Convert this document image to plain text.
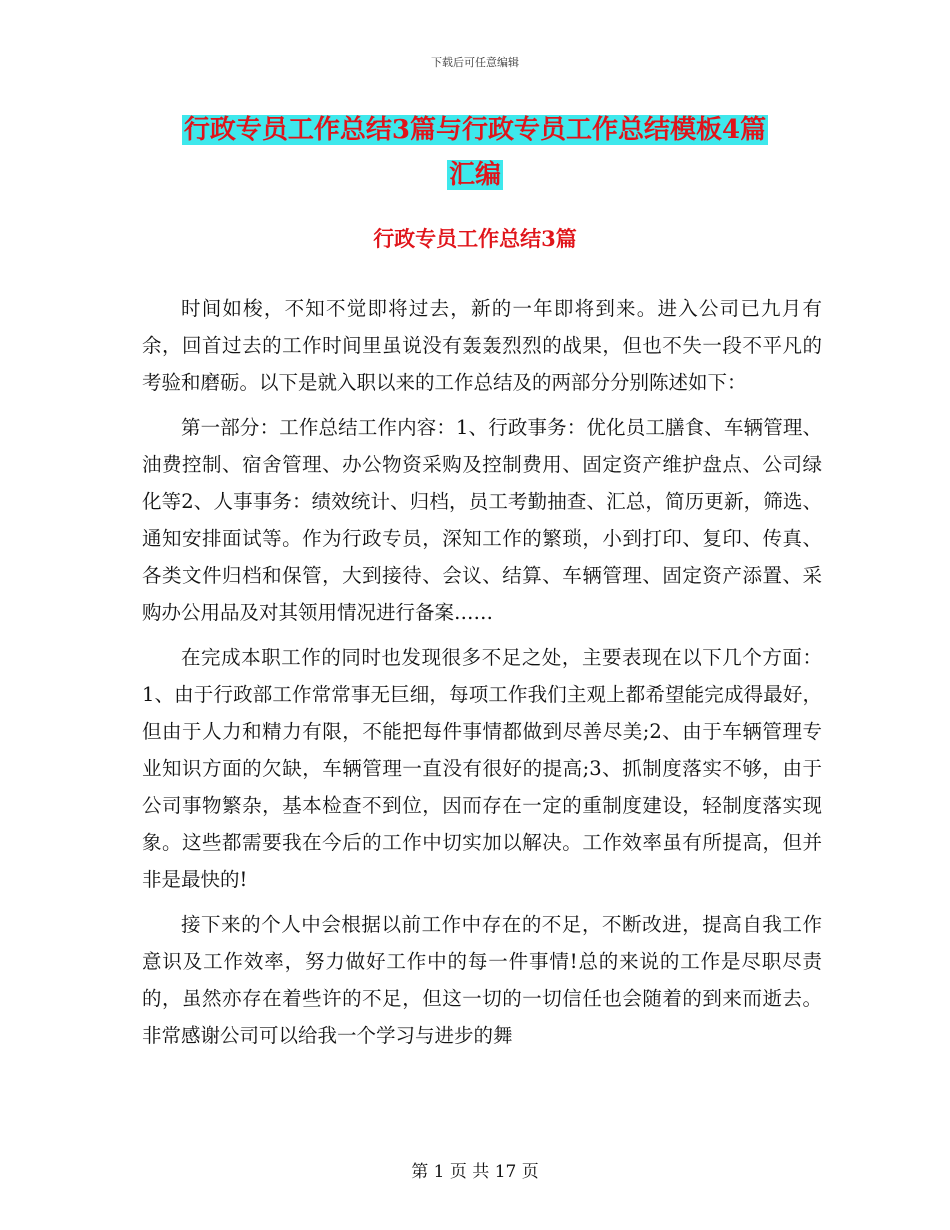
下载后可任意编辑
行政专员工作总结3篇与行政专员工作总结模板4篇
汇编
行政专员工作总结3篇

时间如梭，不知不觉即将过去，新的一年即将到来。进入公司已九月有余，回首过去的工作时间里虽说没有轰轰烈烈的战果，但也不失一段不平凡的考验和磨砺。以下是就入职以来的工作总结及的两部分分别陈述如下：

第一部分：工作总结工作内容：1、行政事务：优化员工膳食、车辆管理、油费控制、宿舍管理、办公物资采购及控制费用、固定资产维护盘点、公司绿化等2、人事事务：绩效统计、归档，员工考勤抽查、汇总，简历更新，筛选、通知安排面试等。作为行政专员，深知工作的繁琐，小到打印、复印、传真、各类文件归档和保管，大到接待、会议、结算、车辆管理、固定资产添置、采购办公用品及对其领用情况进行备案……

在完成本职工作的同时也发现很多不足之处，主要表现在以下几个方面：1、由于行政部工作常常事无巨细，每项工作我们主观上都希望能完成得最好，但由于人力和精力有限，不能把每件事情都做到尽善尽美;2、由于车辆管理专业知识方面的欠缺，车辆管理一直没有很好的提高;3、抓制度落实不够，由于公司事物繁杂，基本检查不到位，因而存在一定的重制度建设，轻制度落实现象。这些都需要我在今后的工作中切实加以解决。工作效率虽有所提高，但并非是最快的!

接下来的个人中会根据以前工作中存在的不足，不断改进，提高自我工作意识及工作效率，努力做好工作中的每一件事情!总的来说的工作是尽职尽责的，虽然亦存在着些许的不足，但这一切的一切信任也会随着的到来而逝去。非常感谢公司可以给我一个学习与进步的舞

第 1 页 共 17 页
